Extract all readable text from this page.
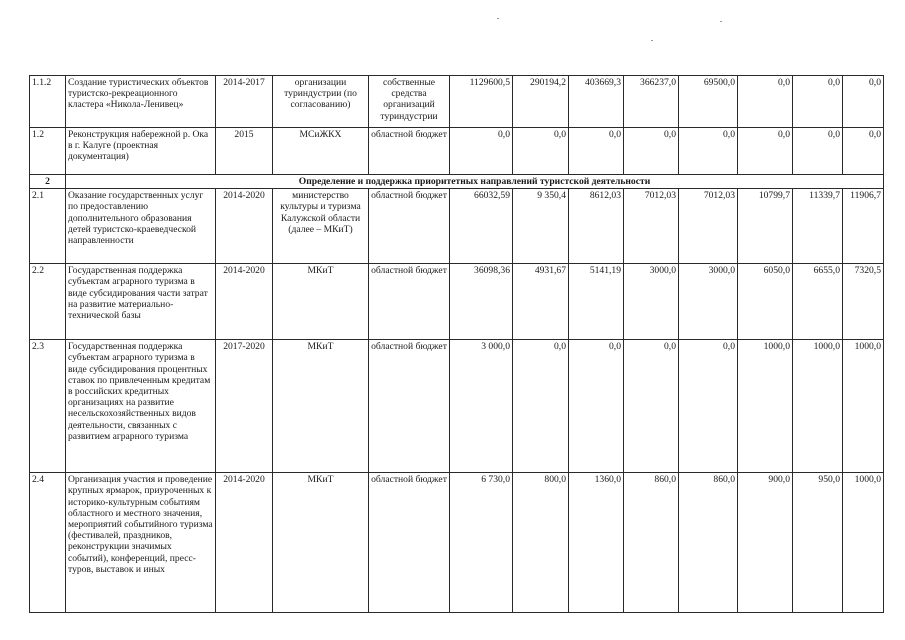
1.1.2	Создание туристических объектов туристско-рекреационного кластера «Никола-Ленивец»	2014-2017	организации туриндустрии (по согласованию)	собственные средства организаций туриндустрии	1129600,5	290194,2	403669,3	366237,0	69500,0	0,0	0,0	0,0
1.2	Реконструкция набережной р. Ока в г. Калуге (проектная документация)	2015	МСиЖКХ	областной бюджет	0,0	0,0	0,0	0,0	0,0	0,0	0,0	0,0
2	Определение и поддержка приоритетных направлений туристской деятельности											
2.1	Оказание государственных услуг по предоставлению дополнительного образования детей туристско-краеведческой направленности	2014-2020	министерство культуры и туризма Калужской области (далее – МКиТ)	областной бюджет	66032,59	9 350,4	8612,03	7012,03	7012,03	10799,7	11339,7	11906,7
2.2	Государственная поддержка субъектам аграрного туризма в виде субсидирования части затрат на развитие материально-технической базы	2014-2020	МКиТ	областной бюджет	36098,36	4931,67	5141,19	3000,0	3000,0	6050,0	6655,0	7320,5
2.3	Государственная поддержка субъектам аграрного туризма в виде субсидирования процентных ставок по привлеченным кредитам в российских кредитных организациях на развитие несельскохозяйственных видов деятельности, связанных с развитием аграрного туризма	2017-2020	МКиТ	областной бюджет	3 000,0	0,0	0,0	0,0	0,0	1000,0	1000,0	1000,0
2.4	Организация участия и проведение крупных ярмарок, приуроченных к историко-культурным событиям областного и местного значения, мероприятий событийного туризма (фестивалей, праздников, реконструкции значимых событий), конференций, пресс-туров, выставок и иных	2014-2020	МКиТ	областной бюджет	6 730,0	800,0	1360,0	860,0	860,0	900,0	950,0	1000,0
